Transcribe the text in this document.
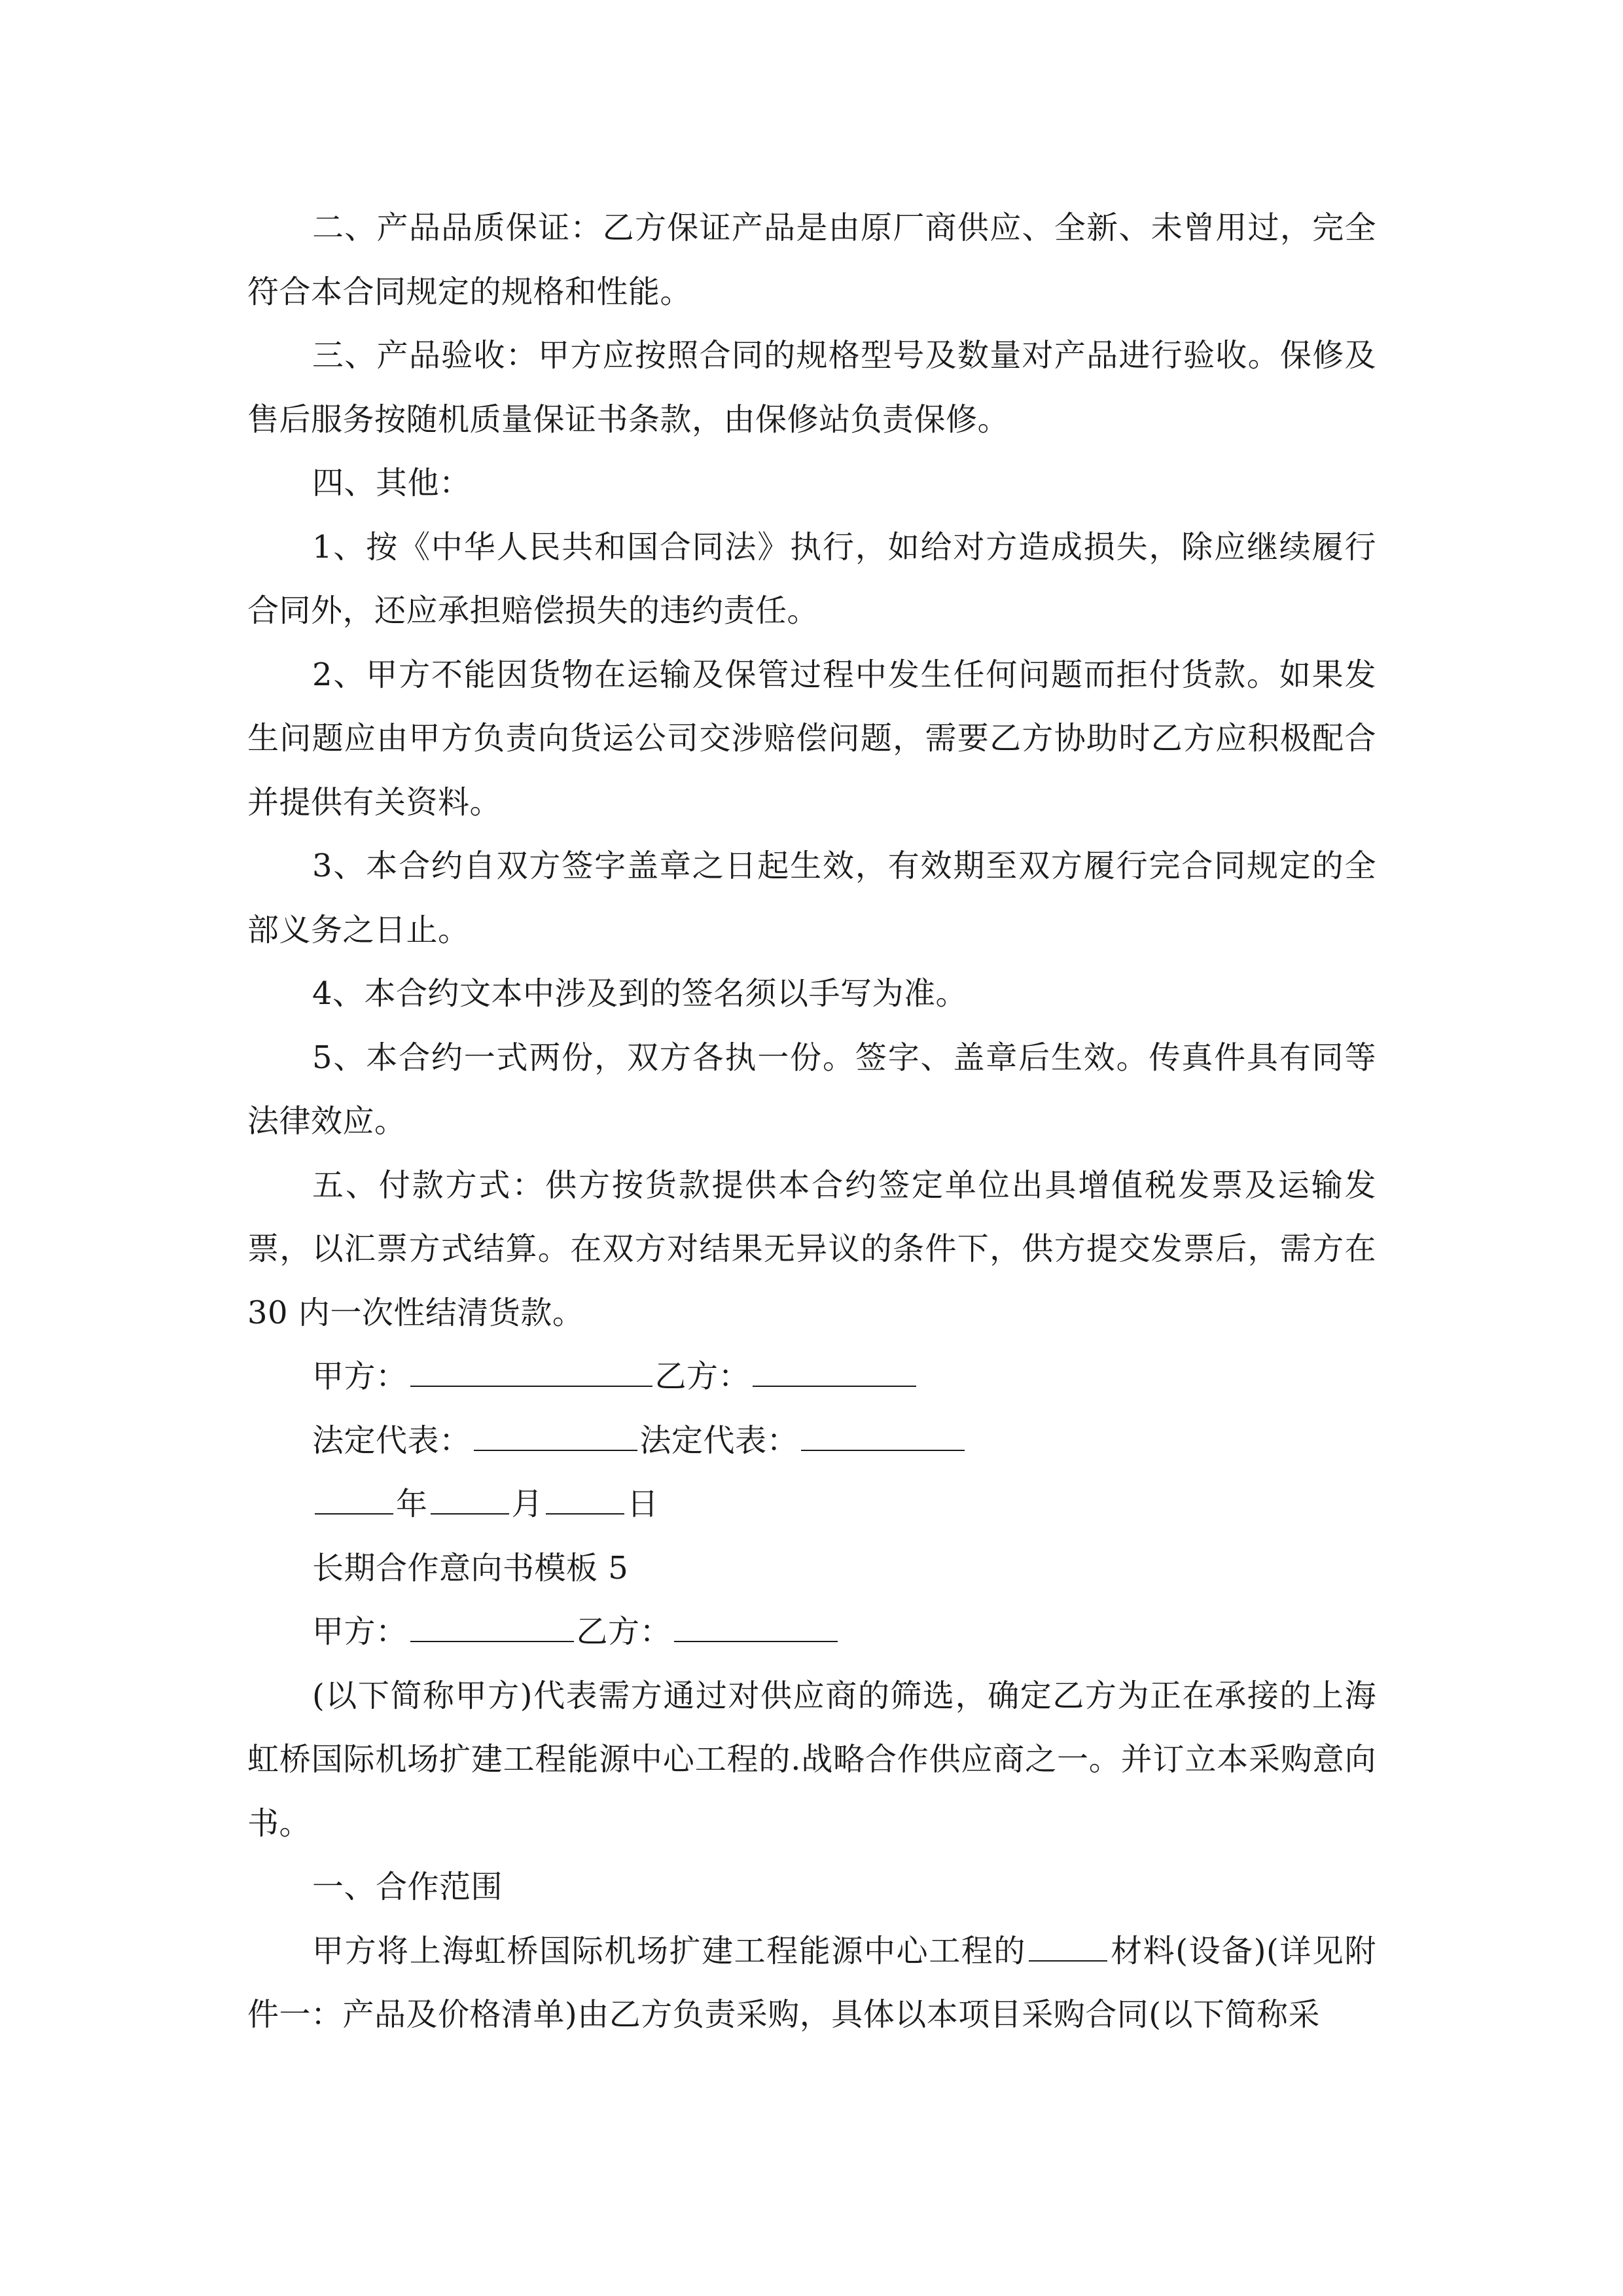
二、产品品质保证：乙方保证产品是由原厂商供应、全新、未曾用过，完全符合本合同规定的规格和性能。

三、产品验收：甲方应按照合同的规格型号及数量对产品进行验收。保修及售后服务按随机质量保证书条款，由保修站负责保修。

四、其他：

1、按《中华人民共和国合同法》执行，如给对方造成损失，除应继续履行合同外，还应承担赔偿损失的违约责任。

2、甲方不能因货物在运输及保管过程中发生任何问题而拒付货款。如果发生问题应由甲方负责向货运公司交涉赔偿问题，需要乙方协助时乙方应积极配合并提供有关资料。

3、本合约自双方签字盖章之日起生效，有效期至双方履行完合同规定的全部义务之日止。

4、本合约文本中涉及到的签名须以手写为准。

5、本合约一式两份，双方各执一份。签字、盖章后生效。传真件具有同等法律效应。

五、付款方式：供方按货款提供本合约签定单位出具增值税发票及运输发票，以汇票方式结算。在双方对结果无异议的条件下，供方提交发票后，需方在 30 内一次性结清货款。

甲方：	乙方：

法定代表：	法定代表：

年	月	日

长期合作意向书模板 5

甲方：	乙方：

(以下简称甲方)代表需方通过对供应商的筛选，确定乙方为正在承接的上海虹桥国际机场扩建工程能源中心工程的.战略合作供应商之一。并订立本采购意向书。

一、合作范围

甲方将上海虹桥国际机场扩建工程能源中心工程的	材料(设备)(详见附件一：产品及价格清单)由乙方负责采购，具体以本项目采购合同(以下简称采
